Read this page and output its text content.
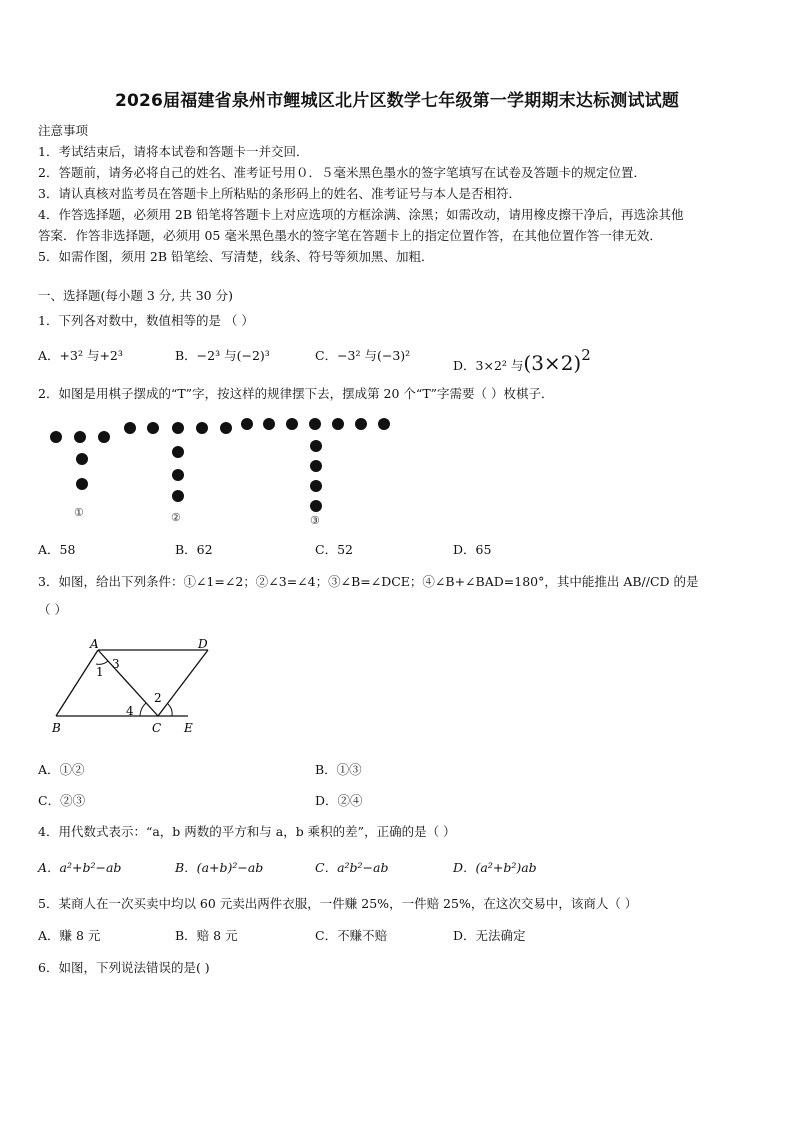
2026届福建省泉州市鲤城区北片区数学七年级第一学期期末达标测试试题
注意事项
1．考试结束后，请将本试卷和答题卡一并交回．
2．答题前，请务必将自己的姓名、准考证号用０．５毫米黑色墨水的签字笔填写在试卷及答题卡的规定位置．
3．请认真核对监考员在答题卡上所粘贴的条形码上的姓名、准考证号与本人是否相符．
4．作答选择题，必须用 2B 铅笔将答题卡上对应选项的方框涂满、涂黑；如需改动，请用橡皮擦干净后，再选涂其他
答案．作答非选择题，必须用 05 毫米黑色墨水的签字笔在答题卡上的指定位置作答，在其他位置作答一律无效．
5．如需作图，须用 2B 铅笔绘、写清楚，线条、符号等须加黑、加粗．
一、选择题(每小题 3 分, 共 30 分)
1．下列各对数中，数值相等的是 （ ）
A．+3² 与+2³	B．−2³ 与(−2)³	C．−3² 与(−3)²
D．3×2² 与(3×2)2
2．如图是用棋子摆成的“T”字，按这样的规律摆下去，摆成第 20 个“T”字需要（ ）枚棋子．
①	②	③
A．58	B．62	C．52	D．65
3．如图，给出下列条件：①∠1=∠2；②∠3=∠4；③∠B=∠DCE；④∠B+∠BAD=180°，其中能推出 AB//CD 的是
（ ）
A	D
B	C E
1
2
3
4
A．①②	B．①③
C．②③	D．②④
4．用代数式表示：“a，b 两数的平方和与 a，b 乘积的差”，正确的是（ ）
A．a²+b²−ab	B．(a+b)²−ab	C．a²b²−ab	D．(a²+b²)ab
5．某商人在一次买卖中均以 60 元卖出两件衣服，一件赚 25%，一件赔 25%，在这次交易中，该商人（ ）
A．赚 8 元	B．赔 8 元	C．不赚不赔	D．无法确定
6．如图，下列说法错误的是( )
